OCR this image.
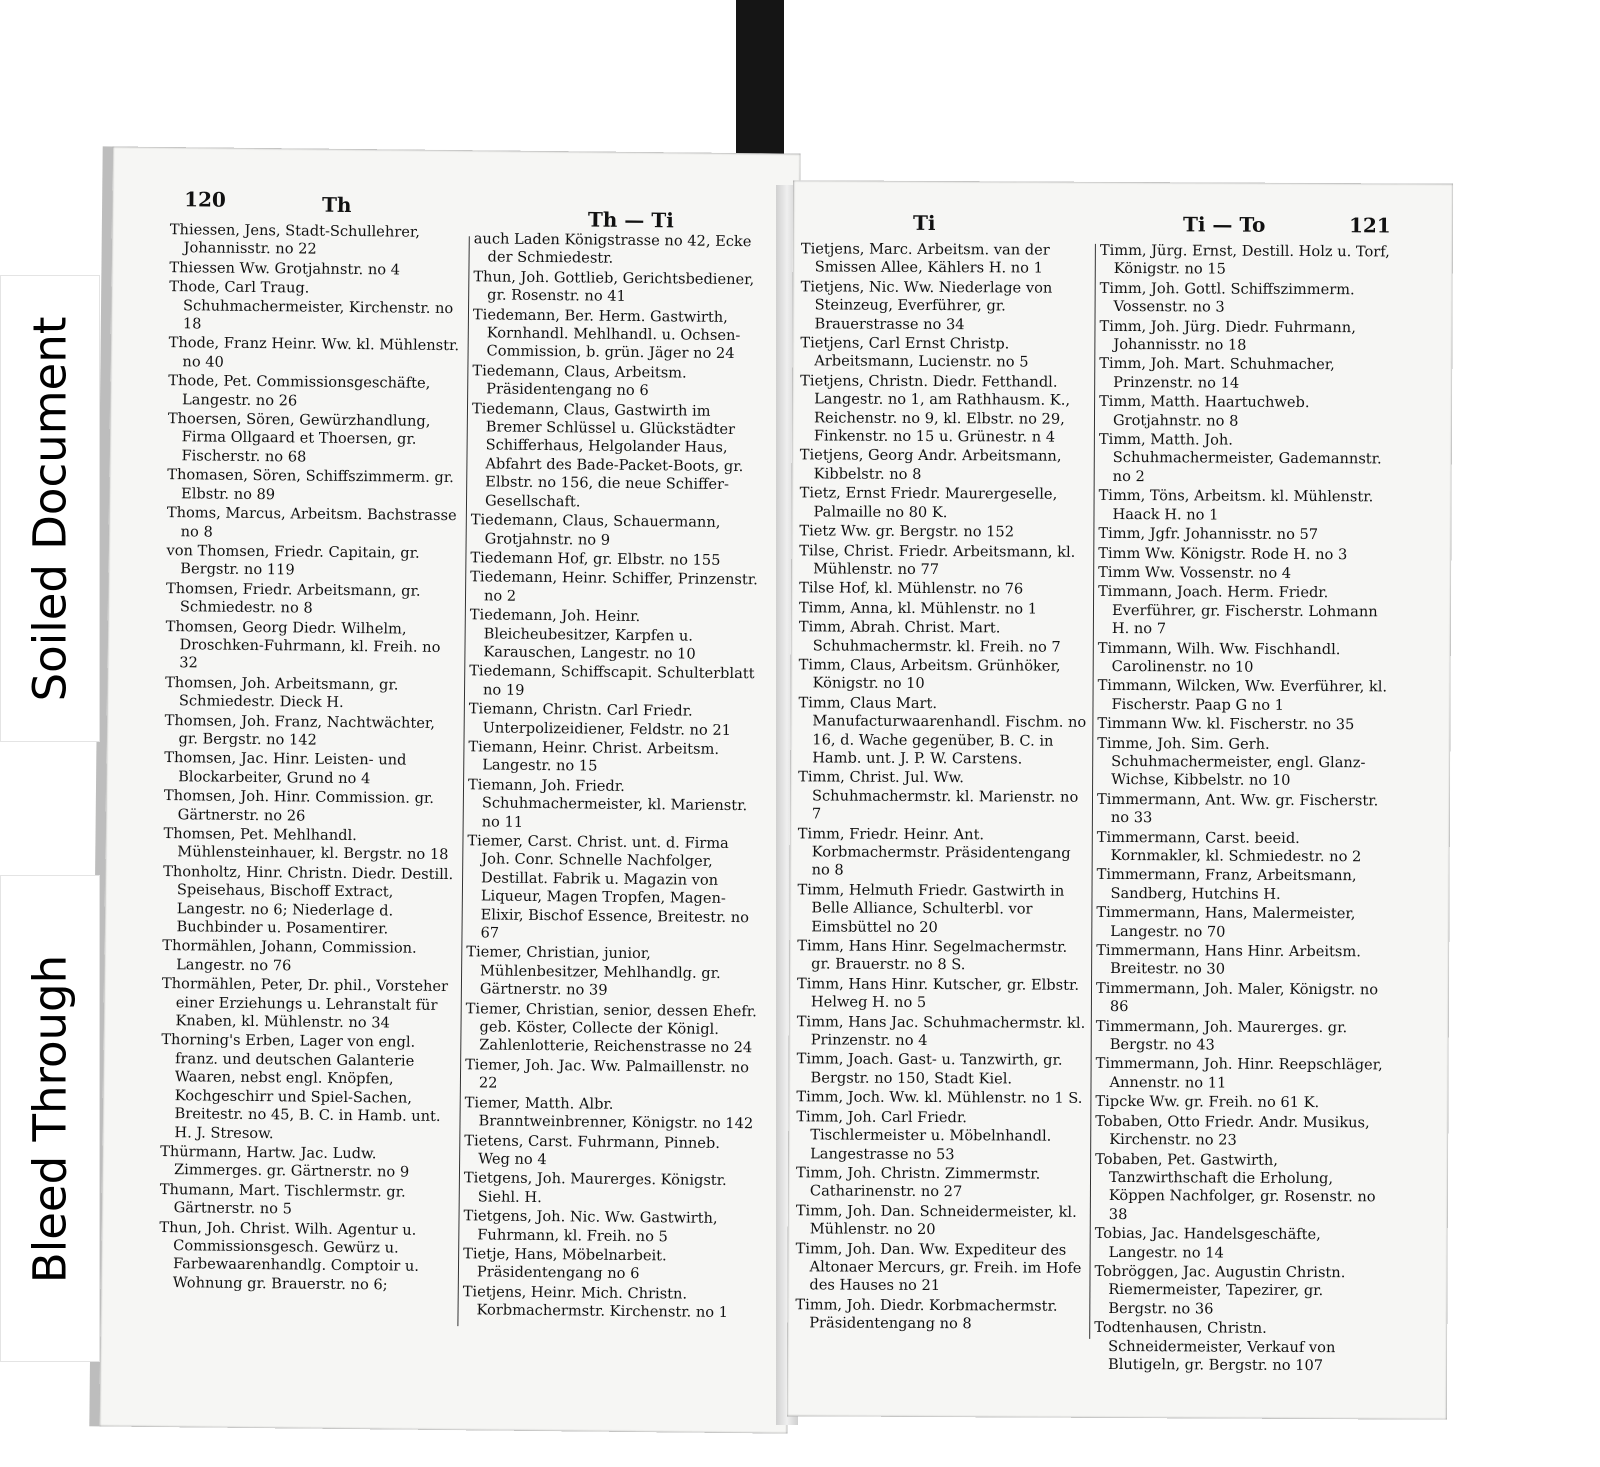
120	Th
Th — Ti
Thiessen, Jens, Stadt-Schullehrer, Johannisstr. no 22
Thiessen Ww. Grotjahnstr. no 4
Thode, Carl Traug. Schuhmachermeister, Kirchenstr. no 18
Thode, Franz Heinr. Ww. kl. Mühlenstr. no 40
Thode, Pet. Commissionsgeschäfte, Langestr. no 26
Thoersen, Sören, Gewürzhandlung, Firma Ollgaard et Thoersen, gr. Fischerstr. no 68
Thomasen, Sören, Schiffszimmerm. gr. Elbstr. no 89
Thoms, Marcus, Arbeitsm. Bachstrasse no 8
von Thomsen, Friedr. Capitain, gr. Bergstr. no 119
Thomsen, Friedr. Arbeitsmann, gr. Schmiedestr. no 8
Thomsen, Georg Diedr. Wilhelm, Droschken-Fuhrmann, kl. Freih. no 32
Thomsen, Joh. Arbeitsmann, gr. Schmiedestr. Dieck H.
Thomsen, Joh. Franz, Nachtwächter, gr. Bergstr. no 142
Thomsen, Jac. Hinr. Leisten- und Blockarbeiter, Grund no 4
Thomsen, Joh. Hinr. Commission. gr. Gärtnerstr. no 26
Thomsen, Pet. Mehlhandl. Mühlensteinhauer, kl. Bergstr. no 18
Thonholtz, Hinr. Christn. Diedr. Destill. Speisehaus, Bischoff Extract, Langestr. no 6; Niederlage d. Buchbinder u. Posamentirer.
Thormählen, Johann, Commission. Langestr. no 76
Thormählen, Peter, Dr. phil., Vorsteher einer Erziehungs u. Lehranstalt für Knaben, kl. Mühlenstr. no 34
Thorning's Erben, Lager von engl. franz. und deutschen Galanterie Waaren, nebst engl. Knöpfen, Kochgeschirr und Spiel-Sachen, Breitestr. no 45, B. C. in Hamb. unt. H. J. Stresow.
Thürmann, Hartw. Jac. Ludw. Zimmerges. gr. Gärtnerstr. no 9
Thumann, Mart. Tischlermstr. gr. Gärtnerstr. no 5
Thun, Joh. Christ. Wilh. Agentur u. Commissionsgesch. Gewürz u. Farbewaarenhandlg. Comptoir u. Wohnung gr. Brauerstr. no 6;
auch Laden Königstrasse no 42, Ecke der Schmiedestr.
Thun, Joh. Gottlieb, Gerichtsbediener, gr. Rosenstr. no 41
Tiedemann, Ber. Herm. Gastwirth, Kornhandl. Mehlhandl. u. Ochsen-Commission, b. grün. Jäger no 24
Tiedemann, Claus, Arbeitsm. Präsidentengang no 6
Tiedemann, Claus, Gastwirth im Bremer Schlüssel u. Glückstädter Schifferhaus, Helgolander Haus, Abfahrt des Bade-Packet-Boots, gr. Elbstr. no 156, die neue Schiffer-Gesellschaft.
Tiedemann, Claus, Schauermann, Grotjahnstr. no 9
Tiedemann Hof, gr. Elbstr. no 155
Tiedemann, Heinr. Schiffer, Prinzenstr. no 2
Tiedemann, Joh. Heinr. Bleicheubesitzer, Karpfen u. Karauschen, Langestr. no 10
Tiedemann, Schiffscapit. Schulterblatt no 19
Tiemann, Christn. Carl Friedr. Unterpolizeidiener, Feldstr. no 21
Tiemann, Heinr. Christ. Arbeitsm. Langestr. no 15
Tiemann, Joh. Friedr. Schuhmachermeister, kl. Marienstr. no 11
Tiemer, Carst. Christ. unt. d. Firma Joh. Conr. Schnelle Nachfolger, Destillat. Fabrik u. Magazin von Liqueur, Magen Tropfen, Magen-Elixir, Bischof Essence, Breitestr. no 67
Tiemer, Christian, junior, Mühlenbesitzer, Mehlhandlg. gr. Gärtnerstr. no 39
Tiemer, Christian, senior, dessen Ehefr. geb. Köster, Collecte der Königl. Zahlenlotterie, Reichenstrasse no 24
Tiemer, Joh. Jac. Ww. Palmaillenstr. no 22
Tiemer, Matth. Albr. Branntweinbrenner, Königstr. no 142
Tietens, Carst. Fuhrmann, Pinneb. Weg no 4
Tietgens, Joh. Maurerges. Königstr. Siehl. H.
Tietgens, Joh. Nic. Ww. Gastwirth, Fuhrmann, kl. Freih. no 5
Tietje, Hans, Möbelnarbeit. Präsidentengang no 6
Tietjens, Heinr. Mich. Christn. Korbmachermstr. Kirchenstr. no 1
Ti	Ti — To	121
Tietjens, Marc. Arbeitsm. van der Smissen Allee, Kählers H. no 1
Tietjens, Nic. Ww. Niederlage von Steinzeug, Everführer, gr. Brauerstrasse no 34
Tietjens, Carl Ernst Christp. Arbeitsmann, Lucienstr. no 5
Tietjens, Christn. Diedr. Fetthandl. Langestr. no 1, am Rathhausm. K., Reichenstr. no 9, kl. Elbstr. no 29, Finkenstr. no 15 u. Grünestr. n 4
Tietjens, Georg Andr. Arbeitsmann, Kibbelstr. no 8
Tietz, Ernst Friedr. Maurergeselle, Palmaille no 80 K.
Tietz Ww. gr. Bergstr. no 152
Tilse, Christ. Friedr. Arbeitsmann, kl. Mühlenstr. no 77
Tilse Hof, kl. Mühlenstr. no 76
Timm, Anna, kl. Mühlenstr. no 1
Timm, Abrah. Christ. Mart. Schuhmachermstr. kl. Freih. no 7
Timm, Claus, Arbeitsm. Grünhöker, Königstr. no 10
Timm, Claus Mart. Manufacturwaarenhandl. Fischm. no 16, d. Wache gegenüber, B. C. in Hamb. unt. J. P. W. Carstens.
Timm, Christ. Jul. Ww. Schuhmachermstr. kl. Marienstr. no 7
Timm, Friedr. Heinr. Ant. Korbmachermstr. Präsidentengang no 8
Timm, Helmuth Friedr. Gastwirth in Belle Alliance, Schulterbl. vor Eimsbüttel no 20
Timm, Hans Hinr. Segelmachermstr. gr. Brauerstr. no 8 S.
Timm, Hans Hinr. Kutscher, gr. Elbstr. Helweg H. no 5
Timm, Hans Jac. Schuhmachermstr. kl. Prinzenstr. no 4
Timm, Joach. Gast- u. Tanzwirth, gr. Bergstr. no 150, Stadt Kiel.
Timm, Joch. Ww. kl. Mühlenstr. no 1 S.
Timm, Joh. Carl Friedr. Tischlermeister u. Möbelnhandl. Langestrasse no 53
Timm, Joh. Christn. Zimmermstr. Catharinenstr. no 27
Timm, Joh. Dan. Schneidermeister, kl. Mühlenstr. no 20
Timm, Joh. Dan. Ww. Expediteur des Altonaer Mercurs, gr. Freih. im Hofe des Hauses no 21
Timm, Joh. Diedr. Korbmachermstr. Präsidentengang no 8
Timm, Jürg. Ernst, Destill. Holz u. Torf, Königstr. no 15
Timm, Joh. Gottl. Schiffszimmerm. Vossenstr. no 3
Timm, Joh. Jürg. Diedr. Fuhrmann, Johannisstr. no 18
Timm, Joh. Mart. Schuhmacher, Prinzenstr. no 14
Timm, Matth. Haartuchweb. Grotjahnstr. no 8
Timm, Matth. Joh. Schuhmachermeister, Gademannstr. no 2
Timm, Töns, Arbeitsm. kl. Mühlenstr. Haack H. no 1
Timm, Jgfr. Johannisstr. no 57
Timm Ww. Königstr. Rode H. no 3
Timm Ww. Vossenstr. no 4
Timmann, Joach. Herm. Friedr. Everführer, gr. Fischerstr. Lohmann H. no 7
Timmann, Wilh. Ww. Fischhandl. Carolinenstr. no 10
Timmann, Wilcken, Ww. Everführer, kl. Fischerstr. Paap G no 1
Timmann Ww. kl. Fischerstr. no 35
Timme, Joh. Sim. Gerh. Schuhmachermeister, engl. Glanz-Wichse, Kibbelstr. no 10
Timmermann, Ant. Ww. gr. Fischerstr. no 33
Timmermann, Carst. beeid. Kornmakler, kl. Schmiedestr. no 2
Timmermann, Franz, Arbeitsmann, Sandberg, Hutchins H.
Timmermann, Hans, Malermeister, Langestr. no 70
Timmermann, Hans Hinr. Arbeitsm. Breitestr. no 30
Timmermann, Joh. Maler, Königstr. no 86
Timmermann, Joh. Maurerges. gr. Bergstr. no 43
Timmermann, Joh. Hinr. Reepschläger, Annenstr. no 11
Tipcke Ww. gr. Freih. no 61 K.
Tobaben, Otto Friedr. Andr. Musikus, Kirchenstr. no 23
Tobaben, Pet. Gastwirth, Tanzwirthschaft die Erholung, Köppen Nachfolger, gr. Rosenstr. no 38
Tobias, Jac. Handelsgeschäfte, Langestr. no 14
Tobröggen, Jac. Augustin Christn. Riemermeister, Tapezirer, gr. Bergstr. no 36
Todtenhausen, Christn. Schneidermeister, Verkauf von Blutigeln, gr. Bergstr. no 107
Soiled Document
Bleed Through
